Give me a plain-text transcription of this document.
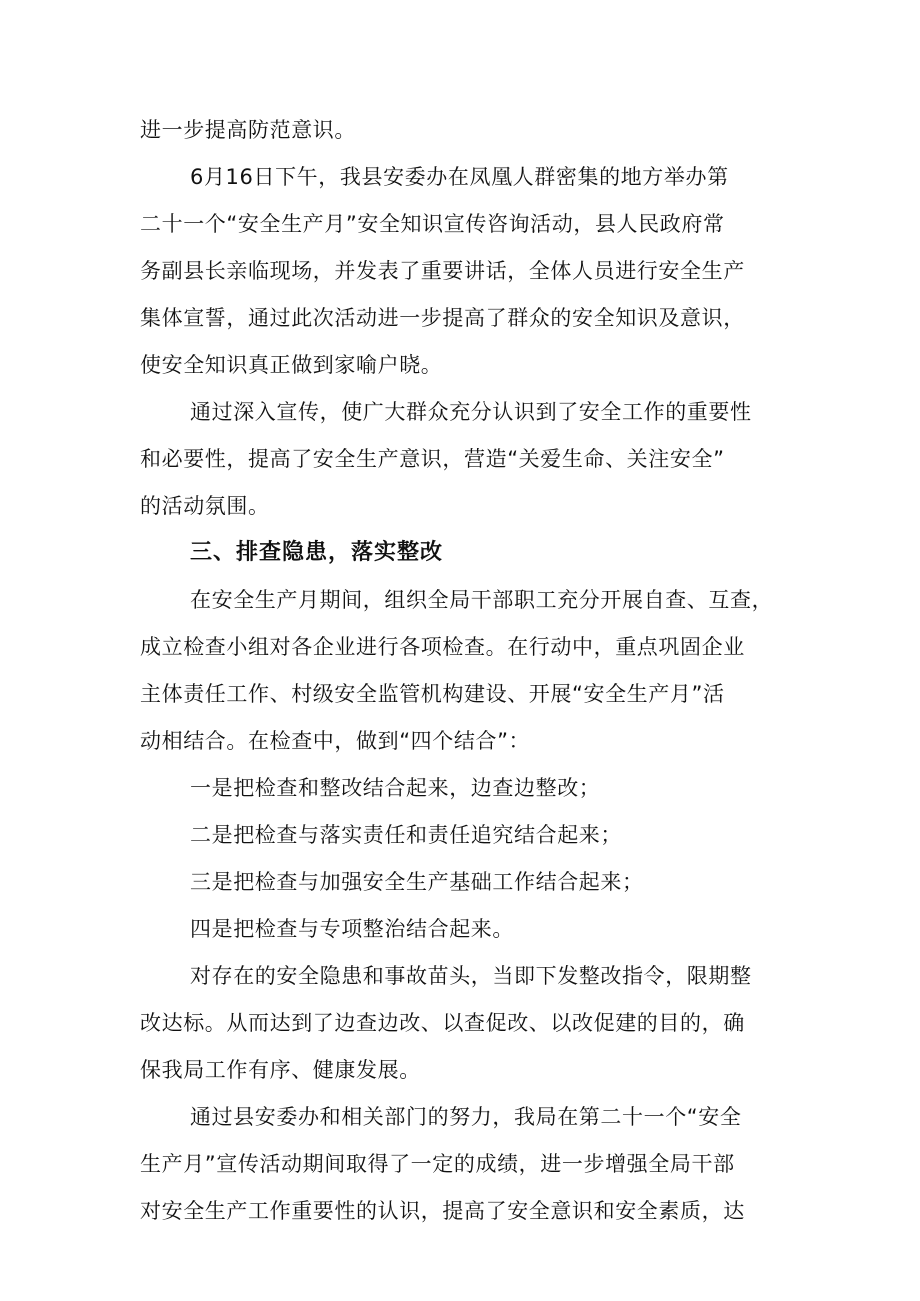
进一步提高防范意识。
6月16日下午，我县安委办在凤凰人群密集的地方举办第
二十一个“安全生产月”安全知识宣传咨询活动，县人民政府常
务副县长亲临现场，并发表了重要讲话，全体人员进行安全生产
集体宣誓，通过此次活动进一步提高了群众的安全知识及意识，
使安全知识真正做到家喻户晓。
通过深入宣传，使广大群众充分认识到了安全工作的重要性
和必要性，提高了安全生产意识，营造“关爱生命、关注安全”
的活动氛围。
三、排查隐患，落实整改
在安全生产月期间，组织全局干部职工充分开展自查、互查，
成立检查小组对各企业进行各项检查。在行动中，重点巩固企业
主体责任工作、村级安全监管机构建设、开展“安全生产月”活
动相结合。在检查中，做到“四个结合”：
一是把检查和整改结合起来，边查边整改；
二是把检查与落实责任和责任追究结合起来；
三是把检查与加强安全生产基础工作结合起来；
四是把检查与专项整治结合起来。
对存在的安全隐患和事故苗头，当即下发整改指令，限期整
改达标。从而达到了边查边改、以查促改、以改促建的目的，确
保我局工作有序、健康发展。
通过县安委办和相关部门的努力，我局在第二十一个“安全
生产月”宣传活动期间取得了一定的成绩，进一步增强全局干部
对安全生产工作重要性的认识，提高了安全意识和安全素质，达
